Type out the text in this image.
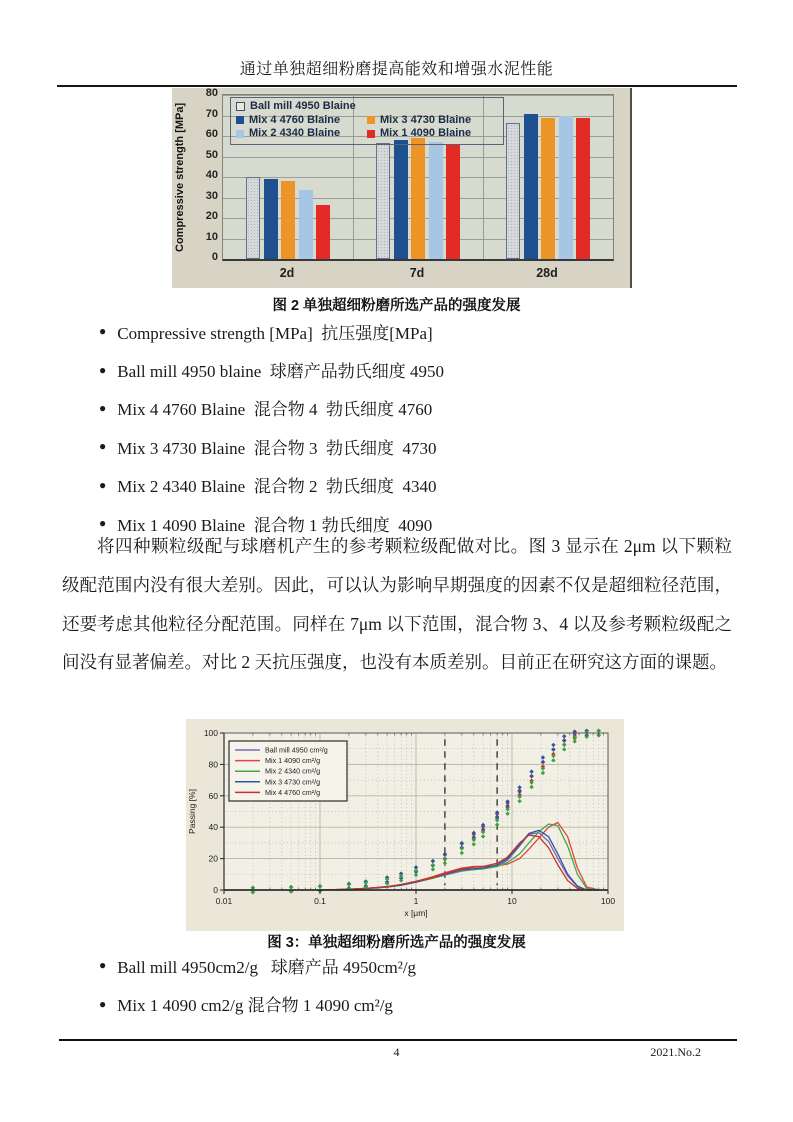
通过单独超细粉磨提高能效和增强水泥性能
Compressive strength [MPa]
0
10
20
30
40
50
60
70
80
2d	7d	28d
Ball mill 4950 Blaine
Mix 4 4760 Blaine	Mix 3 4730 Blaine
Mix 2 4340 Blaine	Mix 1 4090 Blaine
图 2 单独超细粉磨所选产品的强度发展
● Compressive strength [MPa]  抗压强度[MPa]
● Ball mill 4950 blaine  球磨产品勃氏细度 4950
● Mix 4 4760 Blaine  混合物 4  勃氏细度 4760
● Mix 3 4730 Blaine  混合物 3  勃氏细度  4730
● Mix 2 4340 Blaine  混合物 2  勃氏细度  4340
● Mix 1 4090 Blaine  混合物 1 勃氏细度  4090

将四种颗粒级配与球磨机产生的参考颗粒级配做对比。图 3 显示在 2μm 以下颗粒级配范围内没有很大差别。因此，可以认为影响早期强度的因素不仅是超细粒径范围，还要考虑其他粒径分配范围。同样在 7μm 以下范围，混合物 3、4 以及参考颗粒级配之间没有显著偏差。对比 2 天抗压强度，也没有本质差别。目前正在研究这方面的课题。

0
20
40
60
80
100
0.01	0.1	1	10	100
x [μm]
Passing [%]
Ball mill 4950 cm²/g
Mix 1 4090 cm²/g
Mix 2 4340 cm²/g
Mix 3 4730 cm²/g
Mix 4 4760 cm²/g
图 3：单独超细粉磨所选产品的强度发展
● Ball mill 4950cm2/g   球磨产品 4950cm²/g
● Mix 1 4090 cm2/g 混合物 1 4090 cm²/g
4	2021.No.2
